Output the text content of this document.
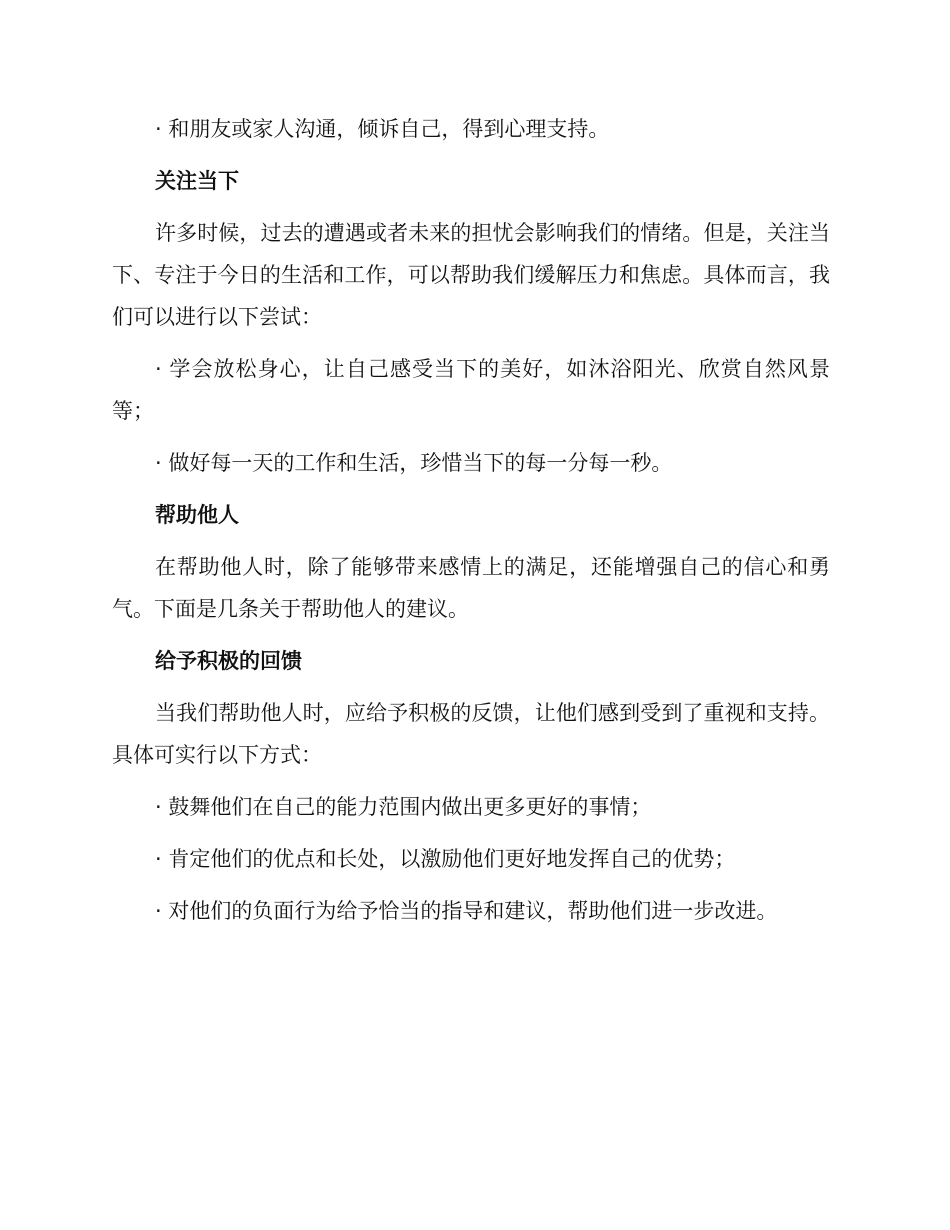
· 和朋友或家人沟通，倾诉自己，得到心理支持。

关注当下

许多时候，过去的遭遇或者未来的担忧会影响我们的情绪。但是，关注当下、专注于今日的生活和工作，可以帮助我们缓解压力和焦虑。具体而言，我们可以进行以下尝试：

· 学会放松身心，让自己感受当下的美好，如沐浴阳光、欣赏自然风景等；

· 做好每一天的工作和生活，珍惜当下的每一分每一秒。

帮助他人

在帮助他人时，除了能够带来感情上的满足，还能增强自己的信心和勇气。下面是几条关于帮助他人的建议。

给予积极的回馈

当我们帮助他人时，应给予积极的反馈，让他们感到受到了重视和支持。具体可实行以下方式：

· 鼓舞他们在自己的能力范围内做出更多更好的事情；

· 肯定他们的优点和长处，以激励他们更好地发挥自己的优势；

· 对他们的负面行为给予恰当的指导和建议，帮助他们进一步改进。
